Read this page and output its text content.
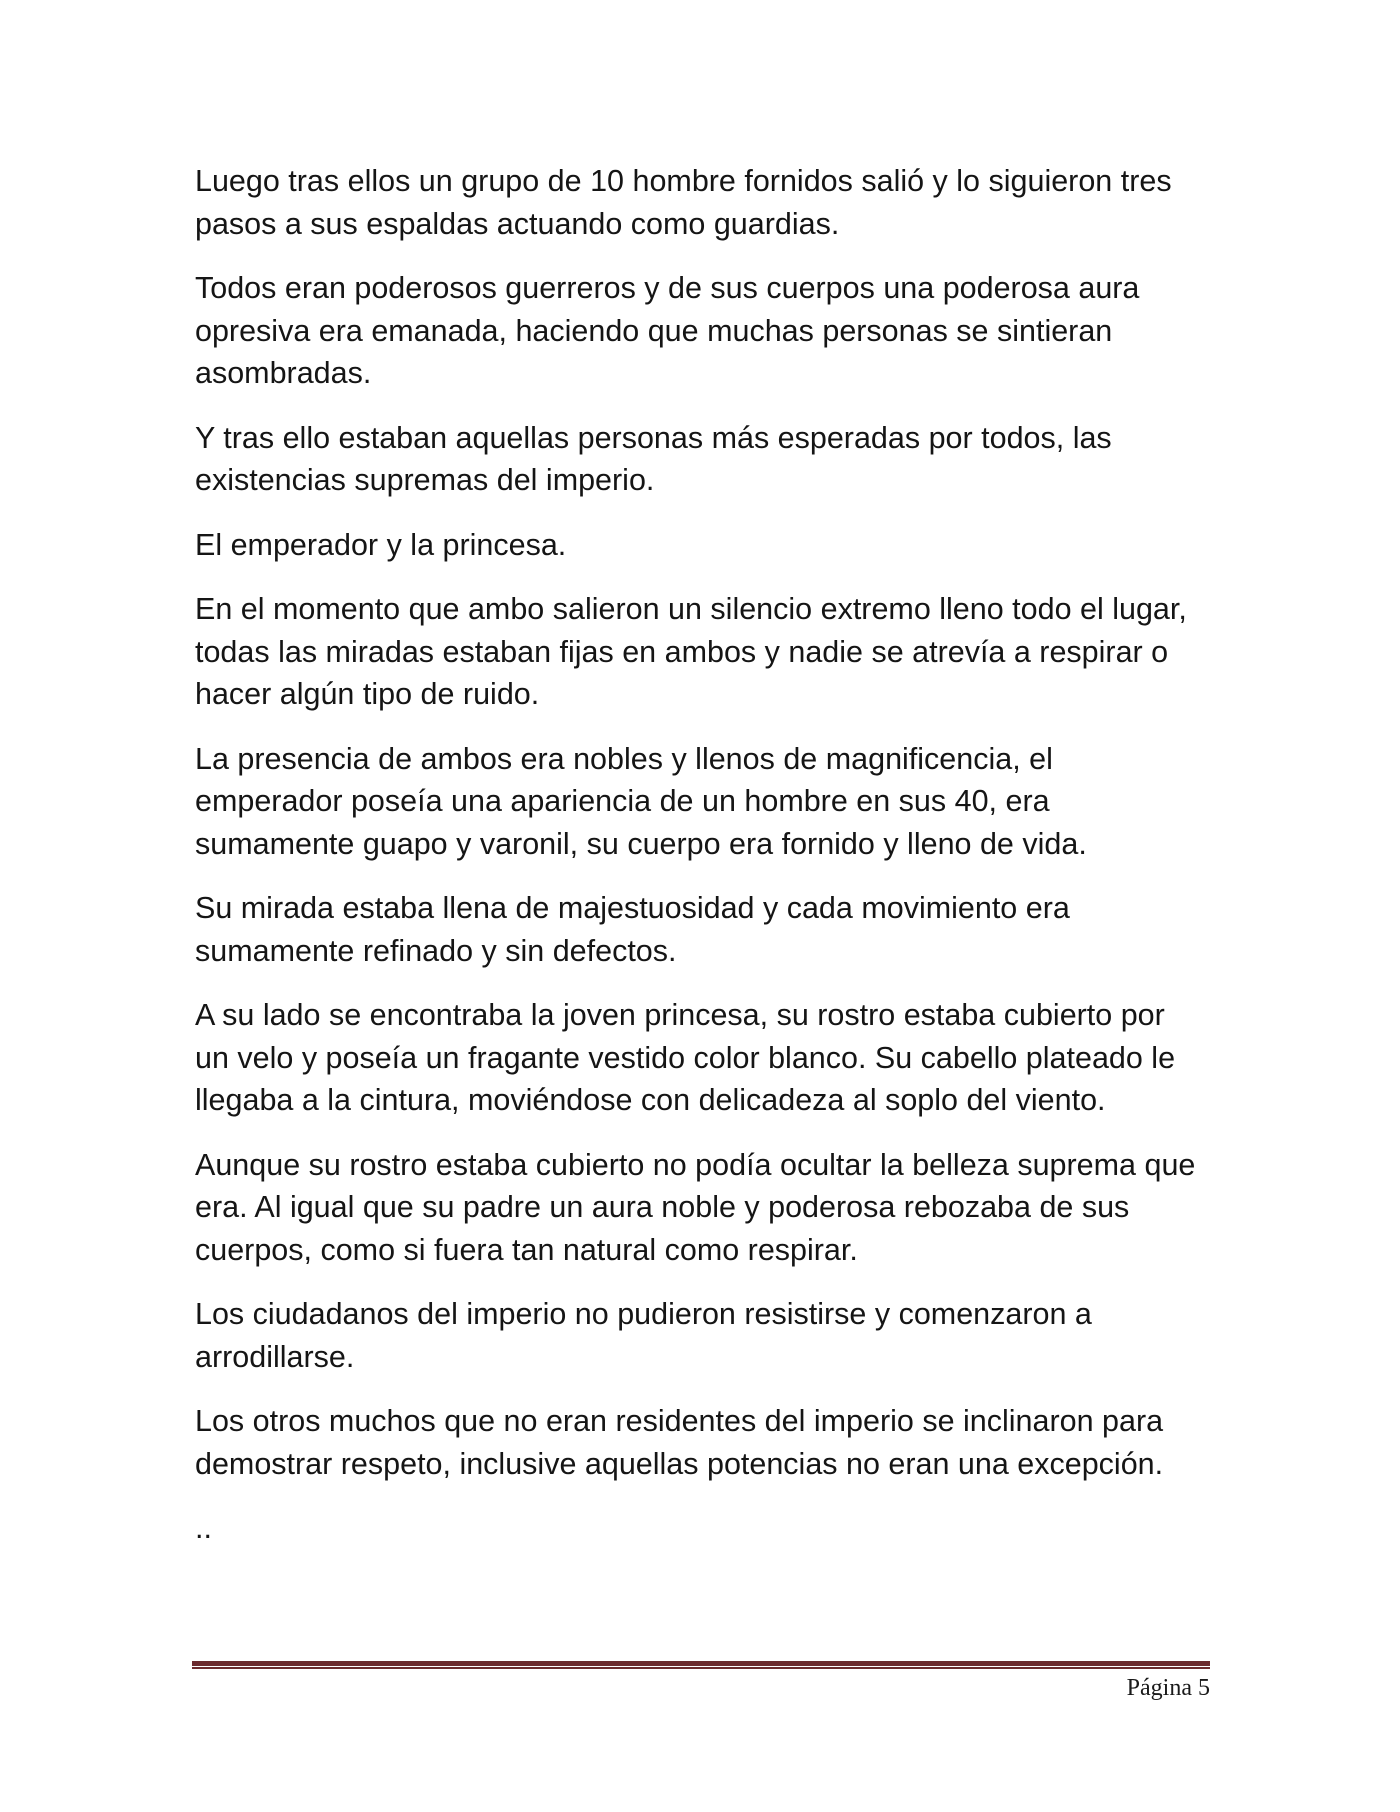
Luego tras ellos un grupo de 10 hombre fornidos salió y lo siguieron tres pasos a sus espaldas actuando como guardias.

Todos eran poderosos guerreros y de sus cuerpos una poderosa aura opresiva era emanada, haciendo que muchas personas se sintieran asombradas.

Y tras ello estaban aquellas personas más esperadas por todos, las existencias supremas del imperio.

El emperador y la princesa.

En el momento que ambo salieron un silencio extremo lleno todo el lugar, todas las miradas estaban fijas en ambos y nadie se atrevía a respirar o hacer algún tipo de ruido.

La presencia de ambos era nobles y llenos de magnificencia, el emperador poseía una apariencia de un hombre en sus 40, era sumamente guapo y varonil, su cuerpo era fornido y lleno de vida.

Su mirada estaba llena de majestuosidad y cada movimiento era sumamente refinado y sin defectos.

A su lado se encontraba la joven princesa, su rostro estaba cubierto por un velo y poseía un fragante vestido color blanco. Su cabello plateado le llegaba a la cintura, moviéndose con delicadeza al soplo del viento.

Aunque su rostro estaba cubierto no podía ocultar la belleza suprema que era. Al igual que su padre un aura noble y poderosa rebozaba de sus cuerpos, como si fuera tan natural como respirar.

Los ciudadanos del imperio no pudieron resistirse y comenzaron a arrodillarse.

Los otros muchos que no eran residentes del imperio se inclinaron para demostrar respeto, inclusive aquellas potencias no eran una excepción.

..

Página 5
